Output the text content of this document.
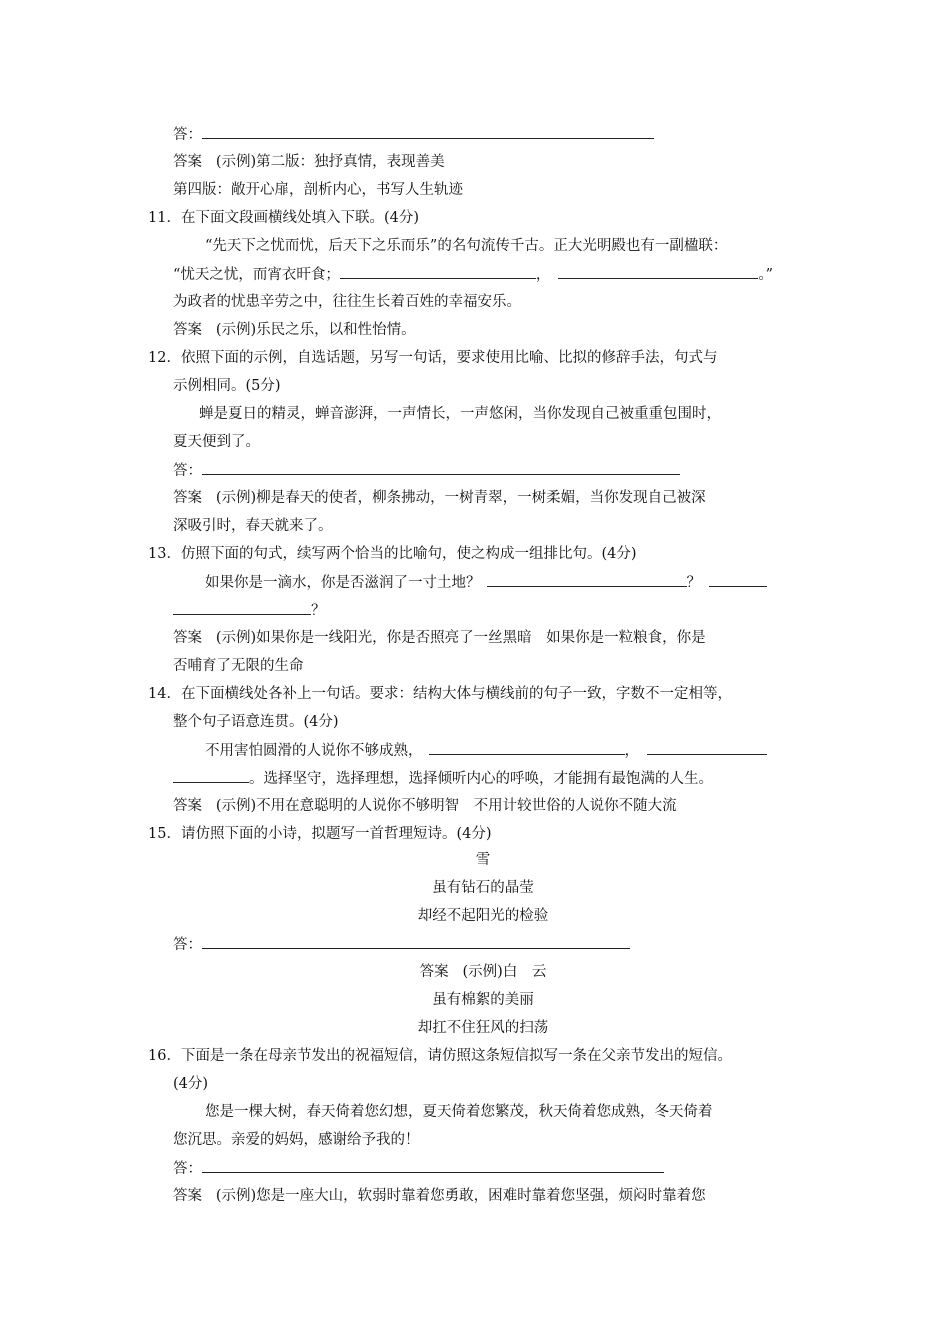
答：
答案 (示例)第二版：独抒真情，表现善美
第四版：敞开心扉，剖析内心，书写人生轨迹
11．在下面文段画横线处填入下联。(4分)
“先天下之忧而忧，后天下之乐而乐”的名句流传千古。正大光明殿也有一副楹联：
“忧天之忧，而宵衣旰食；	，	。”
为政者的忧患辛劳之中，往往生长着百姓的幸福安乐。
答案 (示例)乐民之乐，以和性怡情。
12．依照下面的示例，自选话题，另写一句话，要求使用比喻、比拟的修辞手法，句式与
示例相同。(5分)
蝉是夏日的精灵，蝉音澎湃，一声情长，一声悠闲，当你发现自己被重重包围时，
夏天便到了。
答：
答案 (示例)柳是春天的使者，柳条拂动，一树青翠，一树柔媚，当你发现自己被深
深吸引时，春天就来了。
13．仿照下面的句式，续写两个恰当的比喻句，使之构成一组排比句。(4分)
如果你是一滴水，你是否滋润了一寸土地？	？
？
答案 (示例)如果你是一线阳光，你是否照亮了一丝黑暗　如果你是一粒粮食，你是
否哺育了无限的生命
14．在下面横线处各补上一句话。要求：结构大体与横线前的句子一致，字数不一定相等，
整个句子语意连贯。(4分)
不用害怕圆滑的人说你不够成熟，	，
。选择坚守，选择理想，选择倾听内心的呼唤，才能拥有最饱满的人生。
答案 (示例)不用在意聪明的人说你不够明智　不用计较世俗的人说你不随大流
15．请仿照下面的小诗，拟题写一首哲理短诗。(4分)
雪
虽有钻石的晶莹
却经不起阳光的检验
答：
答案 (示例)白　云
虽有棉絮的美丽
却扛不住狂风的扫荡
16．下面是一条在母亲节发出的祝福短信，请仿照这条短信拟写一条在父亲节发出的短信。
(4分)
您是一棵大树，春天倚着您幻想，夏天倚着您繁茂，秋天倚着您成熟，冬天倚着
您沉思。亲爱的妈妈，感谢给予我的！
答：
答案 (示例)您是一座大山，软弱时靠着您勇敢，困难时靠着您坚强，烦闷时靠着您
